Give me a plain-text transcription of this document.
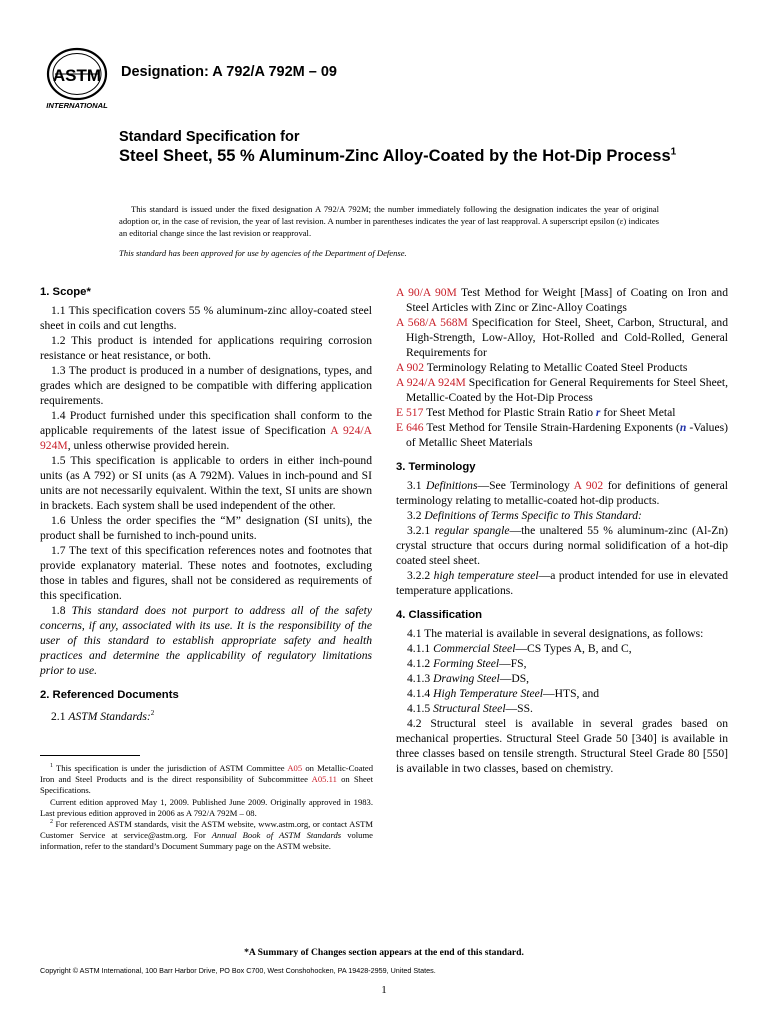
ASTM
INTERNATIONAL
Designation: A 792/A 792M – 09
Standard Specification for
Steel Sheet, 55 % Aluminum-Zinc Alloy-Coated by the Hot-Dip Process$^1$
This standard is issued under the fixed designation A 792/A 792M; the number immediately following the designation indicates the year of original adoption or, in the case of revision, the year of last revision. A number in parentheses indicates the year of last reapproval. A superscript epsilon (ε) indicates an editorial change since the last revision or reapproval.
This standard has been approved for use by agencies of the Department of Defense.
1. Scope*

1.1 This specification covers 55 % aluminum-zinc alloy-coated steel sheet in coils and cut lengths.

1.2 This product is intended for applications requiring corrosion resistance or heat resistance, or both.

1.3 The product is produced in a number of designations, types, and grades which are designed to be compatible with differing application requirements.

1.4 Product furnished under this specification shall conform to the applicable requirements of the latest issue of Specification A 924/A 924M, unless otherwise provided herein.

1.5 This specification is applicable to orders in either inch-pound units (as A 792) or SI units (as A 792M). Values in inch-pound and SI units are not necessarily equivalent. Within the text, SI units are shown in brackets. Each system shall be used independent of the other.

1.6 Unless the order specifies the “M” designation (SI units), the product shall be furnished to inch-pound units.

1.7 The text of this specification references notes and footnotes that provide explanatory material. These notes and footnotes, excluding those in tables and figures, shall not be considered as requirements of this specification.

1.8 This standard does not purport to address all of the safety concerns, if any, associated with its use. It is the responsibility of the user of this standard to establish appropriate safety and health practices and determine the applicability of regulatory limitations prior to use.

2. Referenced Documents

2.1 ASTM Standards:$^2$

$^1$ This specification is under the jurisdiction of ASTM Committee A05 on Metallic-Coated Iron and Steel Products and is the direct responsibility of Subcommittee A05.11 on Sheet Specifications.

Current edition approved May 1, 2009. Published June 2009. Originally approved in 1983. Last previous edition approved in 2006 as A 792/A 792M – 08.

$^2$ For referenced ASTM standards, visit the ASTM website, www.astm.org, or contact ASTM Customer Service at service@astm.org. For Annual Book of ASTM Standards volume information, refer to the standard’s Document Summary page on the ASTM website.

A 90/A 90M Test Method for Weight [Mass] of Coating on Iron and Steel Articles with Zinc or Zinc-Alloy Coatings

A 568/A 568M Specification for Steel, Sheet, Carbon, Structural, and High-Strength, Low-Alloy, Hot-Rolled and Cold-Rolled, General Requirements for

A 902 Terminology Relating to Metallic Coated Steel Products

A 924/A 924M Specification for General Requirements for Steel Sheet, Metallic-Coated by the Hot-Dip Process

E 517 Test Method for Plastic Strain Ratio r for Sheet Metal

E 646 Test Method for Tensile Strain-Hardening Exponents (n -Values) of Metallic Sheet Materials

3. Terminology

3.1 Definitions—See Terminology A 902 for definitions of general terminology relating to metallic-coated hot-dip products.

3.2 Definitions of Terms Specific to This Standard:

3.2.1 regular spangle—the unaltered 55 % aluminum-zinc (Al-Zn) crystal structure that occurs during normal solidification of a hot-dip coated steel sheet.

3.2.2 high temperature steel—a product intended for use in elevated temperature applications.

4. Classification

4.1 The material is available in several designations, as follows:

4.1.1 Commercial Steel—CS Types A, B, and C,

4.1.2 Forming Steel—FS,

4.1.3 Drawing Steel—DS,

4.1.4 High Temperature Steel—HTS, and

4.1.5 Structural Steel—SS.

4.2 Structural steel is available in several grades based on mechanical properties. Structural Steel Grade 50 [340] is available in three classes based on tensile strength. Structural Steel Grade 80 [550] is available in two classes, based on chemistry.

*A Summary of Changes section appears at the end of this standard.
Copyright © ASTM International, 100 Barr Harbor Drive, PO Box C700, West Conshohocken, PA 19428-2959, United States.
1
